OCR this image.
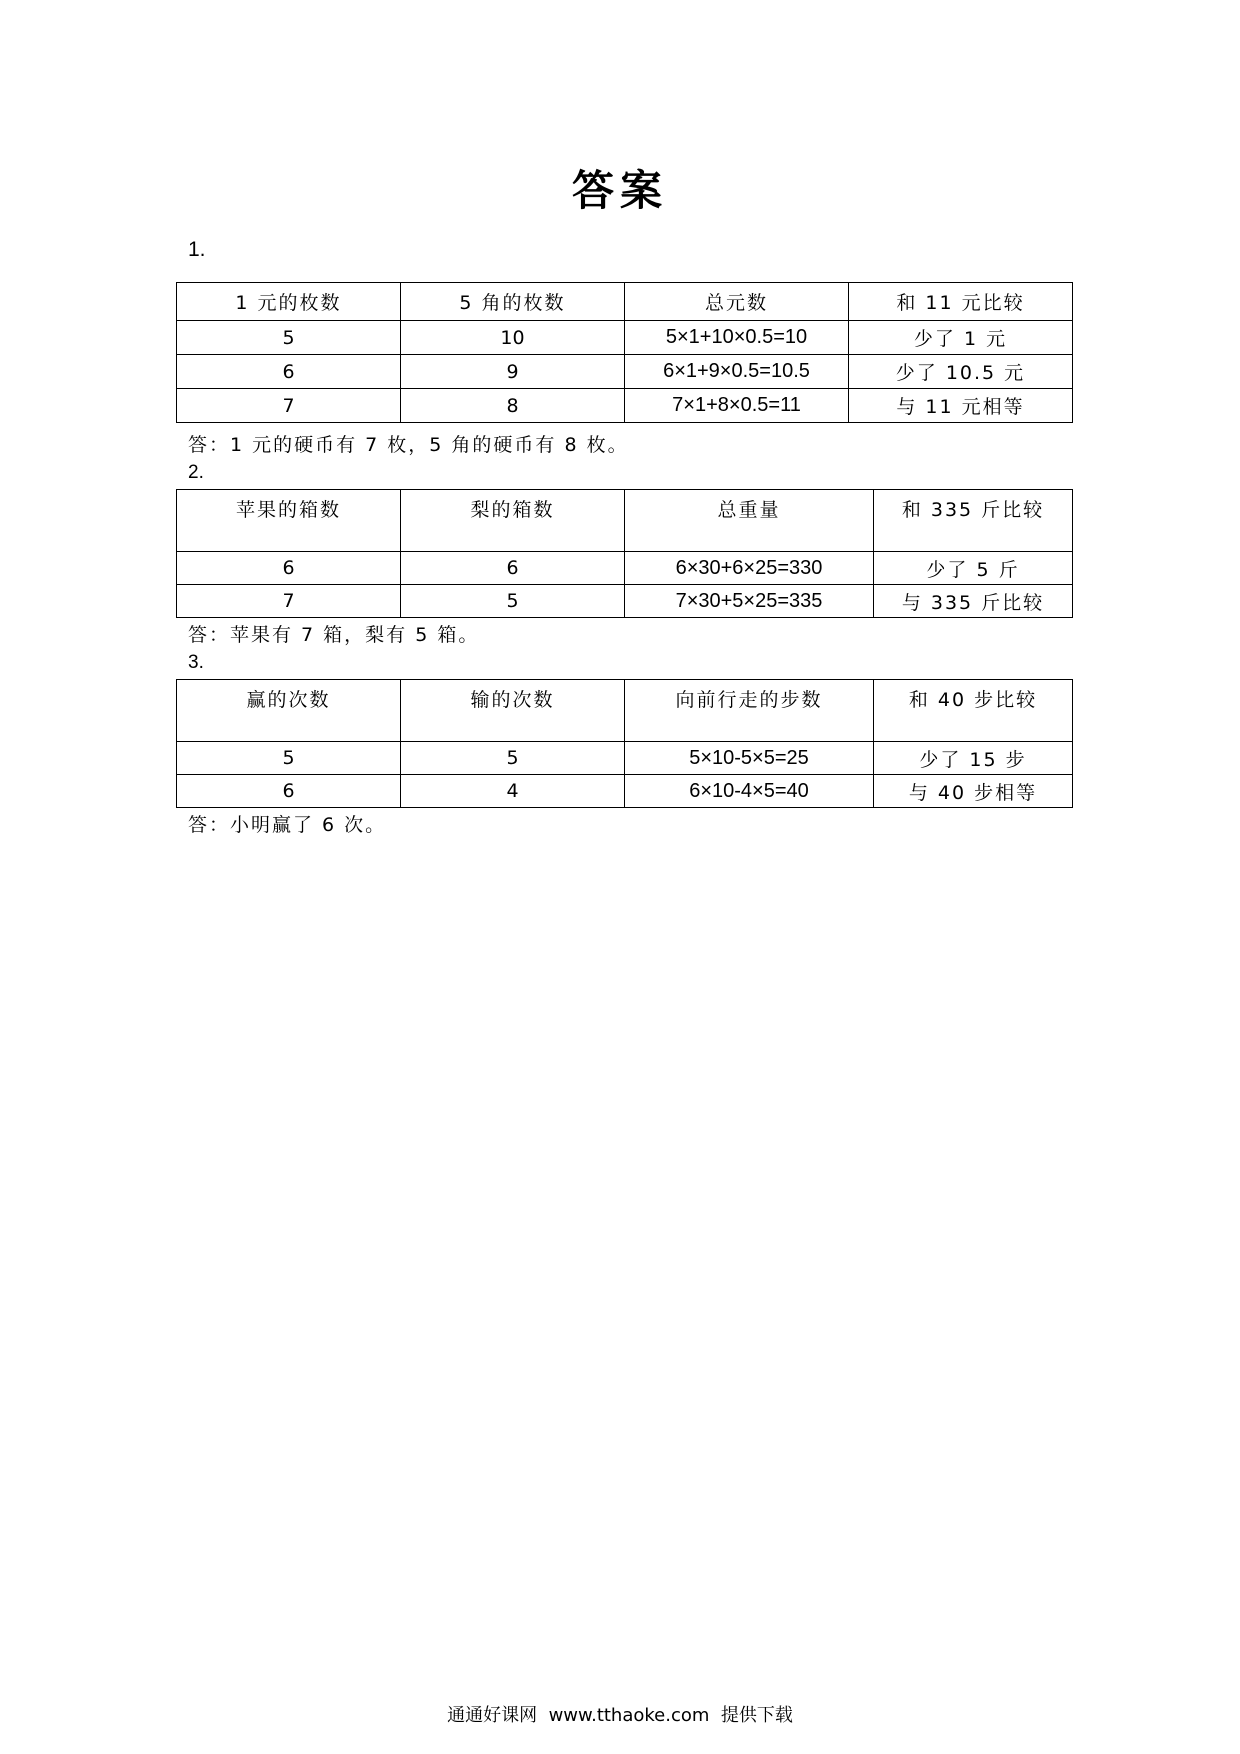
答案
1.
1 元的枚数	5 角的枚数	总元数	和 11 元比较
5	10	5×1+10×0.5=10	少了 1 元
6	9	6×1+9×0.5=10.5	少了 10.5 元
7	8	7×1+8×0.5=11	与 11 元相等
答：1 元的硬币有 7 枚，5 角的硬币有 8 枚。
2.
苹果的箱数	梨的箱数	总重量	和 335 斤比较
6	6	6×30+6×25=330	少了 5 斤
7	5	7×30+5×25=335	与 335 斤比较
答：苹果有 7 箱，梨有 5 箱。
3.
赢的次数	输的次数	向前行走的步数	和 40 步比较
5	5	5×10-5×5=25	少了 15 步
6	4	6×10-4×5=40	与 40 步相等
答：小明赢了 6 次。
通通好课网  www.tthaoke.com  提供下载
